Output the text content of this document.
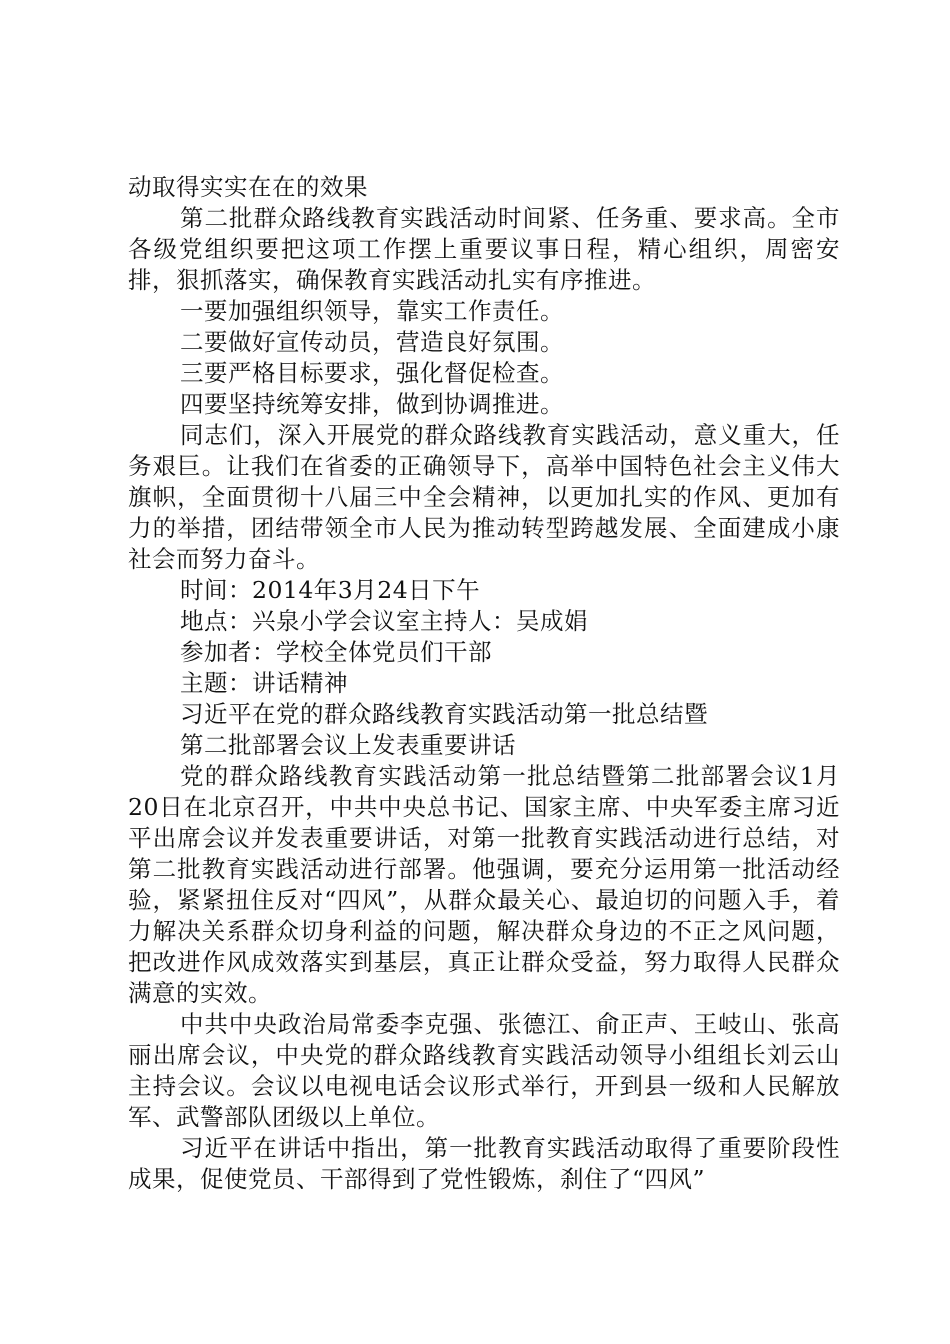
动取得实实在在的效果

第二批群众路线教育实践活动时间紧、任务重、要求高。全市各级党组织要把这项工作摆上重要议事日程，精心组织，周密安排，狠抓落实，确保教育实践活动扎实有序推进。

一要加强组织领导，靠实工作责任。

二要做好宣传动员，营造良好氛围。

三要严格目标要求，强化督促检查。

四要坚持统筹安排，做到协调推进。

同志们，深入开展党的群众路线教育实践活动，意义重大，任务艰巨。让我们在省委的正确领导下，高举中国特色社会主义伟大旗帜，全面贯彻十八届三中全会精神，以更加扎实的作风、更加有力的举措，团结带领全市人民为推动转型跨越发展、全面建成小康社会而努力奋斗。

时间：2014年3月24日下午

地点：兴泉小学会议室主持人：吴成娟

参加者：学校全体党员们干部

主题：讲话精神

习近平在党的群众路线教育实践活动第一批总结暨

第二批部署会议上发表重要讲话

党的群众路线教育实践活动第一批总结暨第二批部署会议1月20日在北京召开，中共中央总书记、国家主席、中央军委主席习近平出席会议并发表重要讲话，对第一批教育实践活动进行总结，对第二批教育实践活动进行部署。他强调，要充分运用第一批活动经验，紧紧扭住反对“四风”，从群众最关心、最迫切的问题入手，着力解决关系群众切身利益的问题，解决群众身边的不正之风问题，把改进作风成效落实到基层，真正让群众受益，努力取得人民群众满意的实效。

中共中央政治局常委李克强、张德江、俞正声、王岐山、张高丽出席会议，中央党的群众路线教育实践活动领导小组组长刘云山主持会议。会议以电视电话会议形式举行，开到县一级和人民解放军、武警部队团级以上单位。

习近平在讲话中指出，第一批教育实践活动取得了重要阶段性成果，促使党员、干部得到了党性锻炼，刹住了“四风”
